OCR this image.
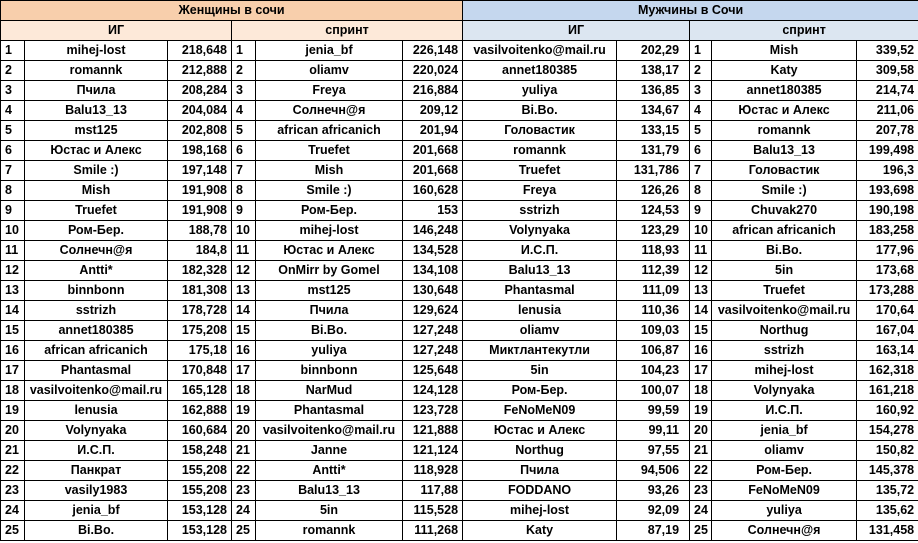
Женщины в сочи						Мужчины в Сочи				
ИГ			спринт			ИГ		спринт		
1	mihej-lost	218,648	1	jenia_bf	226,148	vasilvoitenko@mail.ru	202,29	1	Mish	339,52
2	romannk	212,888	2	oliamv	220,024	annet180385	138,17	2	Katy	309,58
3	Пчила	208,284	3	Freya	216,884	yuliya	136,85	3	annet180385	214,74
4	Balu13_13	204,084	4	Солнечн@я	209,12	Bi.Bo.	134,67	4	Юстас и Алекс	211,06
5	mst125	202,808	5	african africanich	201,94	Головастик	133,15	5	romannk	207,78
6	Юстас и Алекс	198,168	6	Truefet	201,668	romannk	131,79	6	Balu13_13	199,498
7	Smile :)	197,148	7	Mish	201,668	Truefet	131,786	7	Головастик	196,3
8	Mish	191,908	8	Smile :)	160,628	Freya	126,26	8	Smile :)	193,698
9	Truefet	191,908	9	Ром-Бер.	153	sstrizh	124,53	9	Chuvak270	190,198
10	Ром-Бер.	188,78	10	mihej-lost	146,248	Volynyaka	123,29	10	african africanich	183,258
11	Солнечн@я	184,8	11	Юстас и Алекс	134,528	И.С.П.	118,93	11	Bi.Bo.	177,96
12	Antti*	182,328	12	OnMirr by Gomel	134,108	Balu13_13	112,39	12	5in	173,68
13	binnbonn	181,308	13	mst125	130,648	Phantasmal	111,09	13	Truefet	173,288
14	sstrizh	178,728	14	Пчила	129,624	lenusia	110,36	14	vasilvoitenko@mail.ru	170,64
15	annet180385	175,208	15	Bi.Bo.	127,248	oliamv	109,03	15	Northug	167,04
16	african africanich	175,18	16	yuliya	127,248	Миктлантекутли	106,87	16	sstrizh	163,14
17	Phantasmal	170,848	17	binnbonn	125,648	5in	104,23	17	mihej-lost	162,318
18	vasilvoitenko@mail.ru	165,128	18	NarMud	124,128	Ром-Бер.	100,07	18	Volynyaka	161,218
19	lenusia	162,888	19	Phantasmal	123,728	FeNoMeN09	99,59	19	И.С.П.	160,92
20	Volynyaka	160,684	20	vasilvoitenko@mail.ru	121,888	Юстас и Алекс	99,11	20	jenia_bf	154,278
21	И.С.П.	158,248	21	Janne	121,124	Northug	97,55	21	oliamv	150,82
22	Панкрат	155,208	22	Antti*	118,928	Пчила	94,506	22	Ром-Бер.	145,378
23	vasily1983	155,208	23	Balu13_13	117,88	FODDANO	93,26	23	FeNoMeN09	135,72
24	jenia_bf	153,128	24	5in	115,528	mihej-lost	92,09	24	yuliya	135,62
25	Bi.Bo.	153,128	25	romannk	111,268	Katy	87,19	25	Солнечн@я	131,458
